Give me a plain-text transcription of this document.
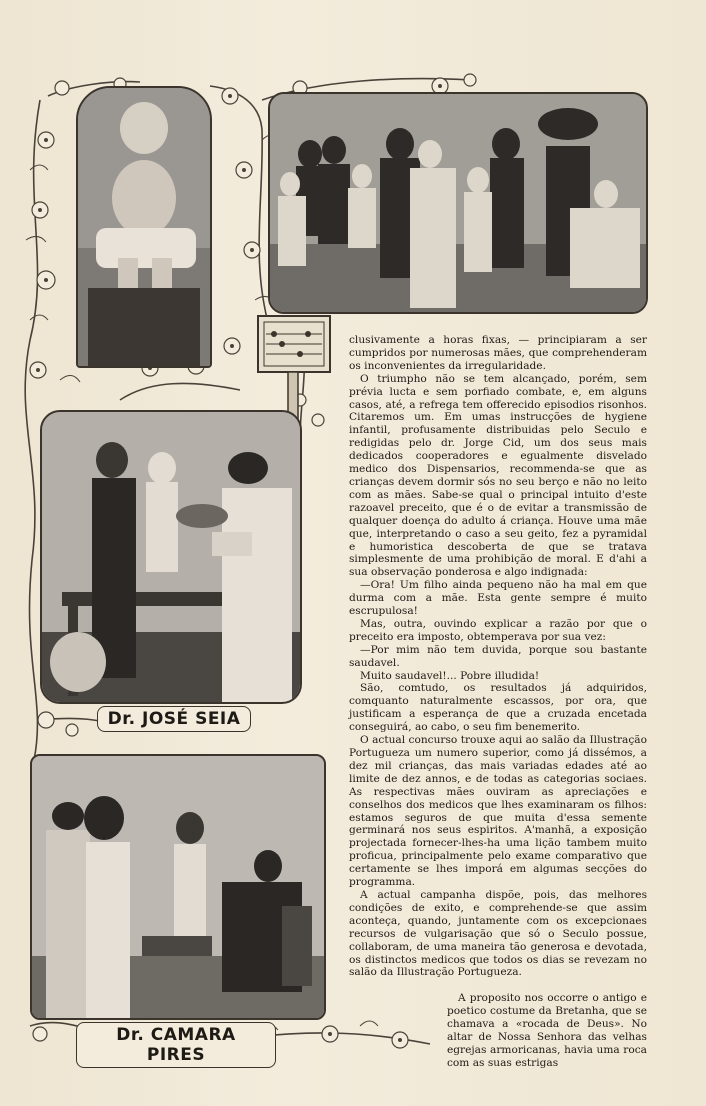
Dr. JOSÉ SEIA
Dr. CAMARA PIRES

clusivamente a horas fixas, — principiaram a ser cumpridos por numerosas mães, que comprehenderam os inconvenientes da irregularidade.

O triumpho não se tem alcançado, porém, sem prévia lucta e sem porfiado combate, e, em alguns casos, até, a refrega tem offerecido episodios risonhos. Citaremos um. Em umas instrucções de hygiene infantil, profusamente distribuidas pelo Seculo e redigidas pelo dr. Jorge Cid, um dos seus mais dedicados cooperadores e egualmente disvelado medico dos Dispensarios, recommenda-se que as crianças devem dormir sós no seu berço e não no leito com as mães. Sabe-se qual o principal intuito d'este razoavel preceito, que é o de evitar a transmissão de qualquer doença do adulto á criança. Houve uma mãe que, interpretando o caso a seu geito, fez a pyramidal e humoristica descoberta de que se tratava simplesmente de uma prohibição de moral. E d'ahi a sua observação ponderosa e algo indignada:

—Ora! Um filho ainda pequeno não ha mal em que durma com a mãe. Esta gente sempre é muito escrupulosa!

Mas, outra, ouvindo explicar a razão por que o preceito era imposto, obtemperava por sua vez:

—Por mim não tem duvida, porque sou bastante saudavel.

Muito saudavel!... Pobre illudida!

São, comtudo, os resultados já adquiridos, comquanto naturalmente escassos, por ora, que justificam a esperança de que a cruzada encetada conseguirá, ao cabo, o seu fim benemerito.

O actual concurso trouxe aqui ao salão da Illustração Portugueza um numero superior, como já dissémos, a dez mil crianças, das mais variadas edades até ao limite de dez annos, e de todas as categorias sociaes. As respectivas mães ouviram as apreciações e conselhos dos medicos que lhes examinaram os filhos: estamos seguros de que muita d'essa semente germinará nos seus espiritos. A'manhã, a exposição projectada fornecer-lhes-ha uma lição tambem muito proficua, principalmente pelo exame comparativo que certamente se lhes imporá em algumas secções do programma.

A actual campanha dispõe, pois, das melhores condições de exito, e comprehende-se que assim aconteça, quando, juntamente com os excepcionaes recursos de vulgarisação que só o Seculo possue, collaboram, de uma maneira tão generosa e devotada, os distinctos medicos que todos os dias se revezam no salão da Illustração Portugueza.

A proposito nos occorre o antigo e poetico costume da Bretanha, que se chamava a «rocada de Deus». No altar de Nossa Senhora das velhas egrejas armoricanas, havia uma roca com as suas estrigas
